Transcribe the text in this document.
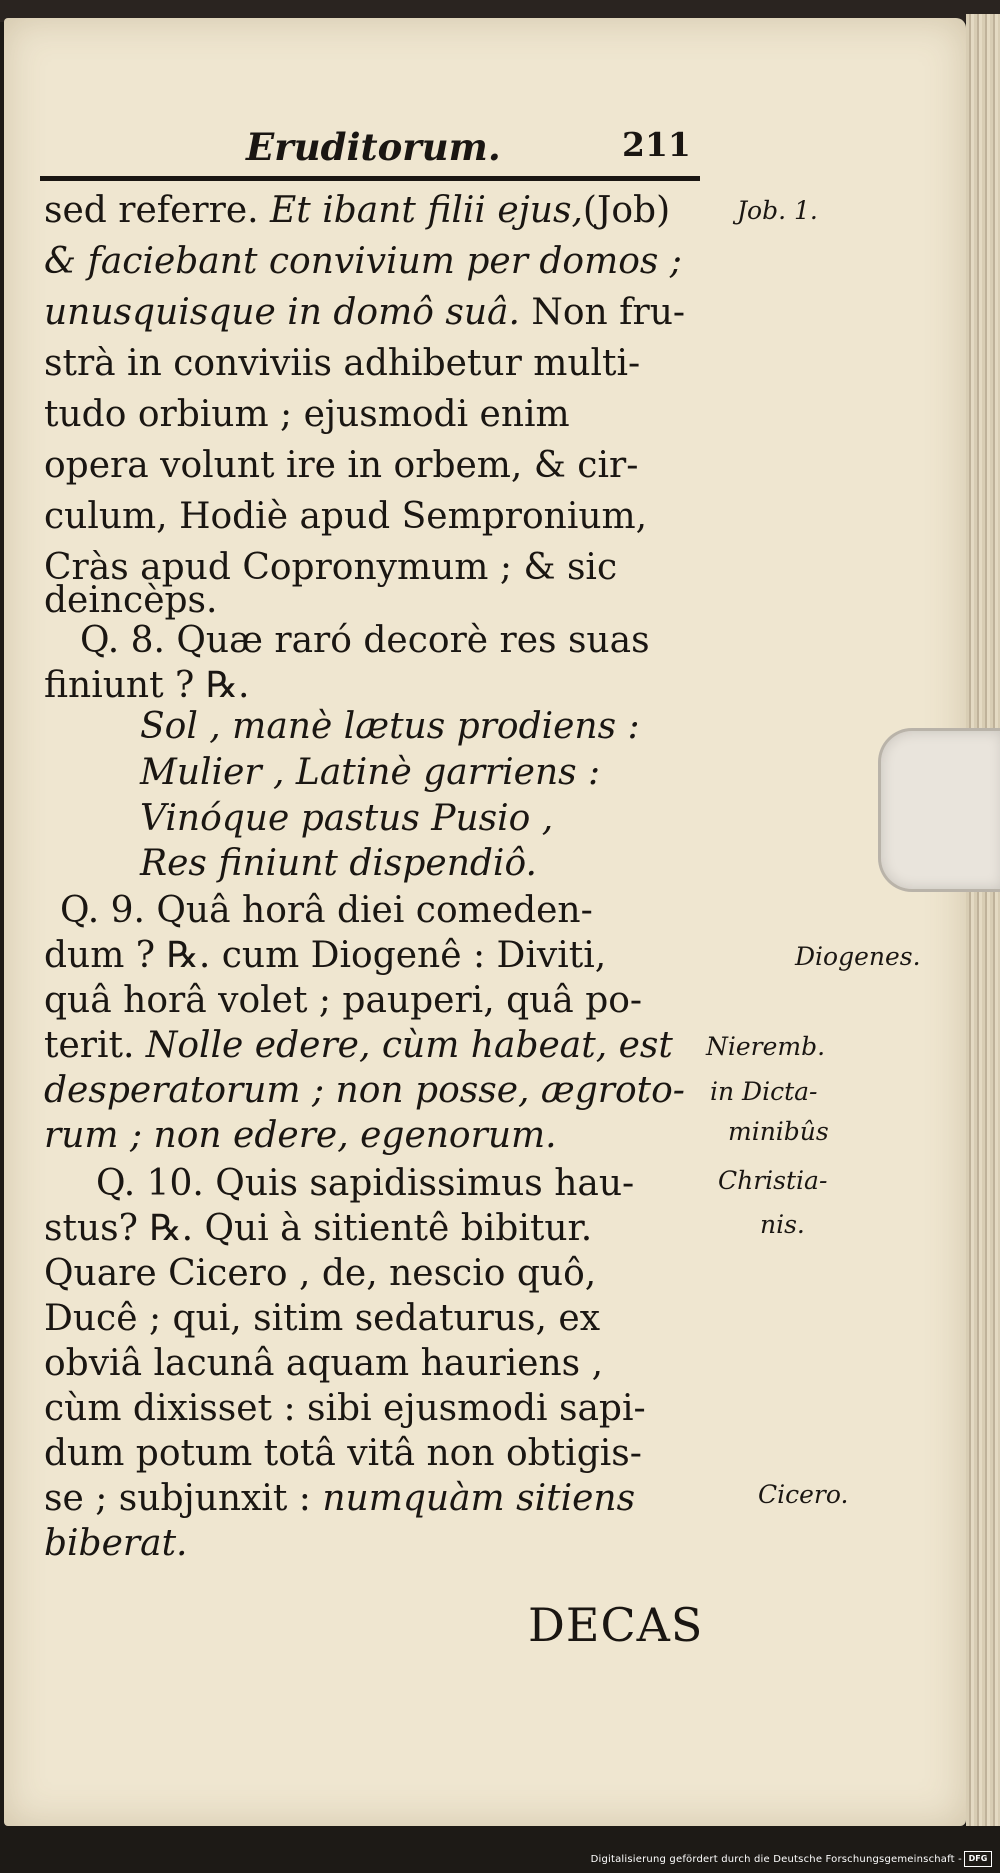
Eruditorum.	211
sed referre. Et ibant filii ejus,(Job)
& faciebant convivium per domos ;
unusquisque in domô suâ. Non fru-
strà in conviviis adhibetur multi-
tudo orbium ; ejusmodi enim
opera volunt ire in orbem, & cir-
culum, Hodiè apud Sempronium,
Cràs apud Copronymum ; & sic
deincèps.
Q. 8. Quæ raró decorè res suas
finiunt ? ℞.
Sol , manè lætus prodiens :
Mulier , Latinè garriens :
Vinóque pastus Pusio ,
Res finiunt dispendiô.
Q. 9. Quâ horâ diei comeden-
dum ? ℞. cum Diogenê : Diviti,
quâ horâ volet ; pauperi, quâ po-
terit. Nolle edere, cùm habeat, est
desperatorum ; non posse, ægroto-
rum ; non edere, egenorum.
Q. 10. Quis sapidissimus hau-
stus? ℞. Qui à sitientê bibitur.
Quare Cicero , de, nescio quô,
Ducê ; qui, sitim sedaturus, ex
obviâ lacunâ aquam hauriens ,
cùm dixisset : sibi ejusmodi sapi-
dum potum totâ vitâ non obtigis-
se ; subjunxit : numquàm sitiens
biberat.
Job. 1.
Diogenes.
Nieremb.
in Dicta-
minibûs
Christia-
nis.
Cicero.
DECAS
Digitalisierung gefördert durch die Deutsche Forschungsgemeinschaft - DFG
